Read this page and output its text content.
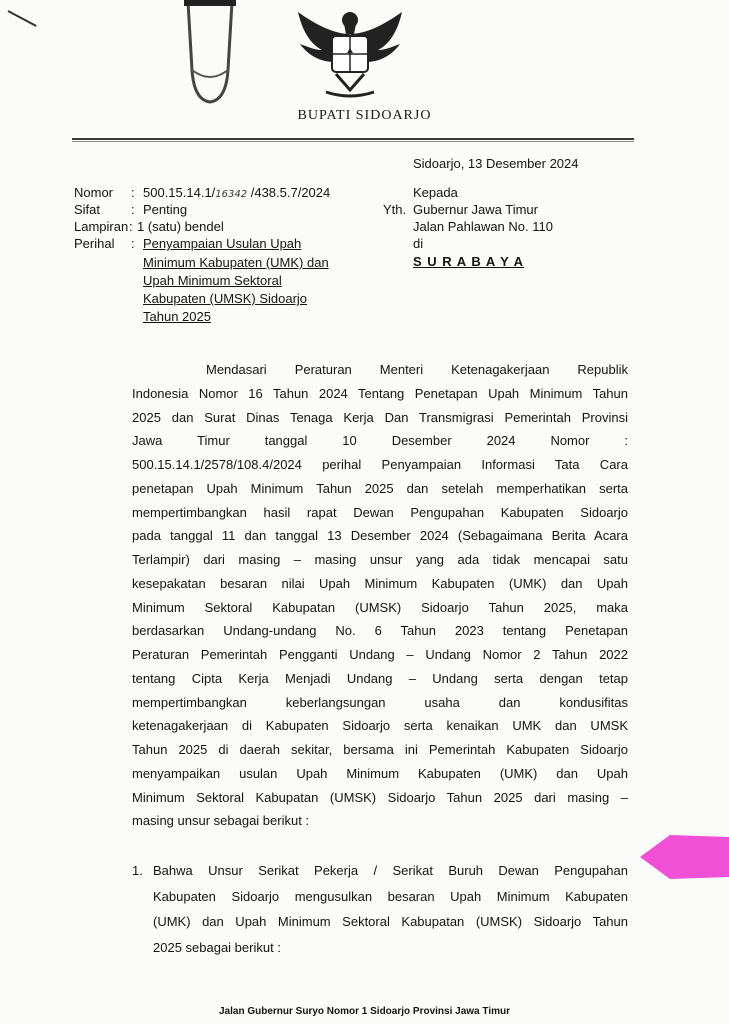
BUPATI SIDOARJO
Sidoarjo, 13 Desember 2024
Nomor	: 500.15.14.1/16342 /438.5.7/2024
Sifat	: Penting
Lampiran : 1 (satu) bendel
Perihal	: Penyampaian Usulan Upah
Minimum Kabupaten (UMK) dan
Upah Minimum Sektoral
Kabupaten (UMSK) Sidoarjo
Tahun 2025
Kepada
Yth. Gubernur Jawa Timur
Jalan Pahlawan No. 110
di
S U R A B A Y A
Mendasari Peraturan Menteri Ketenagakerjaan Republik
Indonesia Nomor 16 Tahun 2024 Tentang Penetapan Upah Minimum Tahun
2025 dan Surat Dinas Tenaga Kerja Dan Transmigrasi Pemerintah Provinsi
Jawa Timur tanggal 10 Desember 2024 Nomor :
500.15.14.1/2578/108.4/2024 perihal Penyampaian Informasi Tata Cara
penetapan Upah Minimum Tahun 2025 dan setelah memperhatikan serta
mempertimbangkan hasil rapat Dewan Pengupahan Kabupaten Sidoarjo
pada tanggal 11 dan tanggal 13 Desember 2024 (Sebagaimana Berita Acara
Terlampir) dari masing – masing unsur yang ada tidak mencapai satu
kesepakatan besaran nilai Upah Minimum Kabupaten (UMK) dan Upah
Minimum Sektoral Kabupatan (UMSK) Sidoarjo Tahun 2025, maka
berdasarkan Undang-undang No. 6 Tahun 2023 tentang Penetapan
Peraturan Pemerintah Pengganti Undang – Undang Nomor 2 Tahun 2022
tentang Cipta Kerja Menjadi Undang – Undang serta dengan tetap
mempertimbangkan keberlangsungan usaha dan kondusifitas
ketenagakerjaan di Kabupaten Sidoarjo serta kenaikan UMK dan UMSK
Tahun 2025 di daerah sekitar, bersama ini Pemerintah Kabupaten Sidoarjo
menyampaikan usulan Upah Minimum Kabupaten (UMK) dan Upah
Minimum Sektoral Kabupatan (UMSK) Sidoarjo Tahun 2025 dari masing –
masing unsur sebagai berikut :
1. Bahwa Unsur Serikat Pekerja / Serikat Buruh Dewan Pengupahan
Kabupaten Sidoarjo mengusulkan besaran Upah Minimum Kabupaten
(UMK) dan Upah Minimum Sektoral Kabupatan (UMSK) Sidoarjo Tahun
2025 sebagai berikut :
Jalan Gubernur Suryo Nomor 1 Sidoarjo Provinsi Jawa Timur
